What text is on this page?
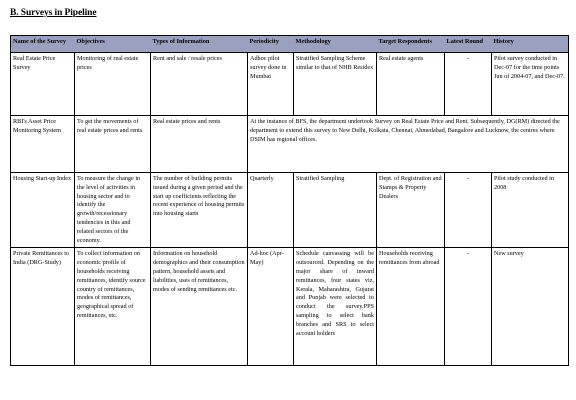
B. Surveys in Pipeline
Name of the Survey	Objectives	Types of Information	Periodicity	Methodology	Target Respondents	Latest Round	History
Real Estate Price Survey	Monitoring of real estate prices	Rent and sale / resale prices	Adhoc pilot survey done in Mumbai	Stratified Sampling Scheme similar to that of NHB Residex	Real estate agents	-	Pilot survey conducted in Dec-07 for the time points Jun of 2004-07, and Dec-07.
RBI's Asset Price Monitoring System	To get the movements of real estate prices and rents	Real estate prices and rents	At the instance of BFS, the department undertook Survey on Real Estate Price and Rent. Subsequently, DG(RM) directed the department to extend this survey to New Delhi, Kolkata, Chennai, Ahmedabad, Bangalore and Lucknow, the centres where DSIM has regional offices.				
Housing Start-up Index	To measure the change in the level of activities in housing sector and to identify the growth/recessionary tendencies in this and related sectors of the economy.	The number of building permits issued during a given period and the start up coefficients reflecting the recent experience of housing permits into housing starts	Quarterly	Stratified Sampling	Dept. of Registration and Stamps & Property Dealers	-	Pilot study conducted in 2008
Private Remittances to India (DRG-Study)	To collect information on economic profile of households receiving remittances, identify source country of remittances, modes of remittances, geographical spread of remittances, etc.	Information on household demographics and their consumption pattern, household assets and liabilities, uses of remittances, modes of sending remittances etc.	Ad-hoc (Apr-May)	Schedule canvassing will be outsourced. Depending on the major share of inward remittances, four states viz, Kerala, Maharashtra, Gujarat and Punjab were selected to conduct the survey.PPS sampling to select bank branches and SRS to select account holders	Households receiving remittances from abroad	-	New survey
